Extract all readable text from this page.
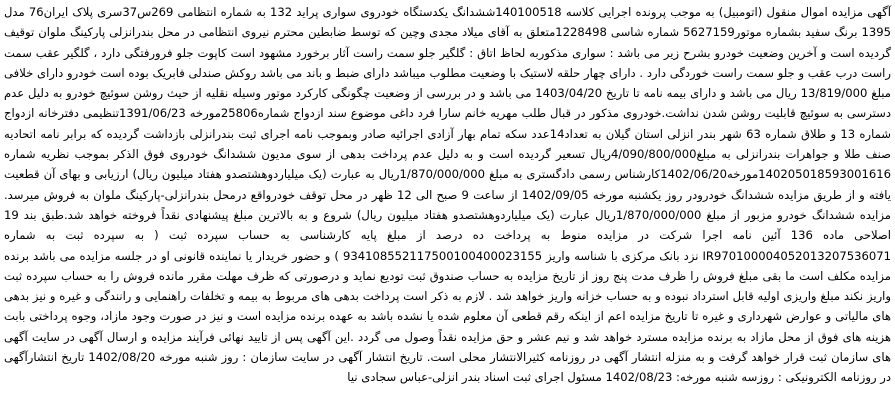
آگهی مزایده اموال منقول (اتومبیل) به موجب پرونده اجرایی کلاسه 140100518ششدانگ یکدستگاه خودروی سواری پراید 132 به شماره انتظامی 269س37سری پلاک ایران76 مدل 1395 برنگ سفید بشماره موتور5627159 شماره شاسی 1228498متعلق به آقای میلاد مجدی وچین که توسط ضابطین محترم نیروی انتظامی در محل بندرانزلی پارکینگ ملوان توقیف گردیده است و آخرین وضعیت خودرو بشرح زیر می باشد : سواری مذکوربه لحاظ اتاق : گلگیر جلو سمت راست آثار برخورد مشهود است کاپوت جلو فرورفتگی دارد ، گلگیر عقب سمت راست درب عقب و جلو سمت راست خوردگی دارد . دارای چهار حلقه لاستیک با وضعیت مطلوب میباشد دارای ضبط و باند می باشد روکش صندلی فابریک بوده است خودرو دارای خلافی مبلغ 13/819/000 ریال می باشد و دارای بیمه نامه تا تاریخ 1403/04/20 می باشد و در بررسی از وضعیت چگونگی کارکرد موتور وسیله نقلیه از حیث روشن سوئیچ خودرو به دلیل عدم دسترسی به سوئیچ قابلیت روشن شدن نداشت.خودروی مذکور در قبال طلب مهریه خانم سارا فرد داغی موضوع سند ازدواج شماره25806مورخه 1391/06/23تنظیمی دفترخانه ازدواج شماره 13 و طلاق شماره 63 شهر بندر انزلی استان گیلان به تعداد14عدد سکه تمام بهار آزادی اجرائیه صادر وبموجب نامه اجرای ثبت بندرانزلی بازداشت گردیده که برابر نامه اتحادیه صنف طلا و جواهرات بندرانزلی به مبلغ4/090/800/000ریال تسعیر گردیده است و به دلیل عدم پرداخت بدهی از سوی مدیون ششدانگ خودروی فوق الذکر بموجب نظریه شماره 140205018593001616مورخه1402/06/20کارشناس رسمی دادگستری به مبلغ 1/870/000/000ریال به عبارت (یک میلیاردوهشتصدو هفتاد میلیون ریال) ارزیابی و بهای آن قطعیت یافته و از طریق مزایده ششدانگ خودرودر روز یکشنبه مورخه 1402/09/05 از ساعت 9 صبح الی 12 ظهر در محل توقف خودرواقع درمحل بندرانزلی-پارکینگ ملوان به فروش میرسد. مزایده ششدانگ خودرو مزبور از مبلغ 1/870/000/000ریال عبارت (یک میلیاردوهشتصدو هفتاد میلیون ریال) شروع و به بالاترین مبلغ پیشنهادی نقداً فروخته خواهد شد.طبق بند 19 اصلاحی ماده 136 آئین نامه اجرا شرکت در مزایده منوط به پرداخت ده درصد از مبلغ پایه کارشناسی به حساب سپرده ثبت ( به سپرده ثبت به شماره IR970100004052013207536071 نزد بانک مرکزی با شناسه واریز 934108552117500100400023155 ) و حضور خریدار یا نماینده قانونی او در جلسه مزایده می باشد برنده مزایده مکلف است ما بقی مبلغ فروش را ظرف مدت پنج روز از تاریخ مزایده به حساب صندوق ثبت تودیع نماید و درصورتی که ظرف مهلت مقرر مانده فروش را به حساب سپرده ثبت واریز نکند مبلغ واریزی اولیه قابل استرداد نبوده و به حساب خزانه واریز خواهد شد . لازم به ذکر است پرداخت بدهی های مربوط به بیمه و تخلفات راهنمایی و رانندگی و غیره و نیز بدهی های مالیاتی و عوارض شهرداری و غیره تا تاریخ مزایده اعم از اینکه رقم قطعی آن معلوم شده یا نشده باشد به عهده برنده مزایده است و نیز در صورت وجود مازاد، وجوه پرداختی بابت هزینه های فوق از محل مازاد به برنده مزایده مسترد خواهد شد و نیم عشر و حق مزایده نقداً وصول می گردد .این آگهی پس از تایید نهائی فرآیند مزایده و ارسال آگهی در سایت آگهی های سازمان ثبت قرار خواهد گرفت و به منزله انتشار آگهی در روزنامه کثیرالانتشار محلی است. تاریخ انتشار آگهی در سایت سازمان : روز شنبه مورخه 1402/08/20 تاریخ انتشارآگهی در روزنامه الکترونیکی : روزسه شنبه مورخه: 1402/08/23 مسئول اجرای ثبت اسناد بندر انزلی-عباس سجادی نیا
